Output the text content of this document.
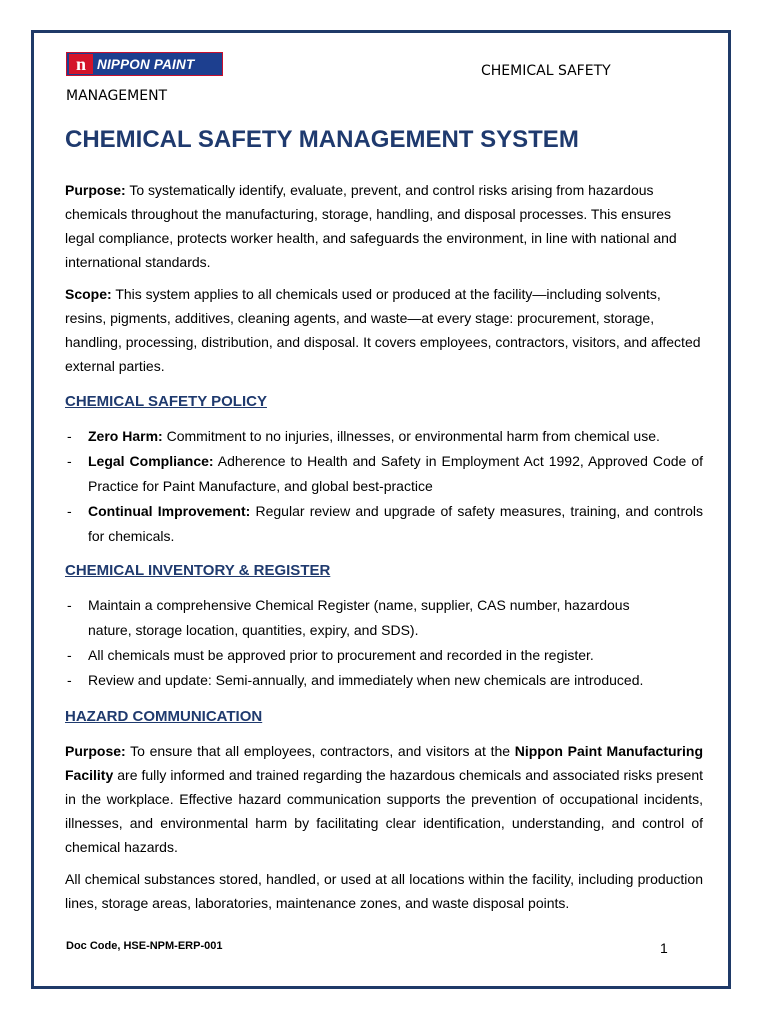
n NIPPON PAINT	CHEMICAL SAFETY
MANAGEMENT
CHEMICAL SAFETY MANAGEMENT SYSTEM

Purpose: To systematically identify, evaluate, prevent, and control risks arising from hazardous chemicals throughout the manufacturing, storage, handling, and disposal processes. This ensures legal compliance, protects worker health, and safeguards the environment, in line with national and international standards.

Scope: This system applies to all chemicals used or produced at the facility—including solvents, resins, pigments, additives, cleaning agents, and waste—at every stage: procurement, storage, handling, processing, distribution, and disposal. It covers employees, contractors, visitors, and affected external parties.

CHEMICAL SAFETY POLICY
- Zero Harm: Commitment to no injuries, illnesses, or environmental harm from chemical use.
- Legal Compliance: Adherence to Health and Safety in Employment Act 1992, Approved Code of Practice for Paint Manufacture, and global best-practice
- Continual Improvement: Regular review and upgrade of safety measures, training, and controls for chemicals.
CHEMICAL INVENTORY & REGISTER
- Maintain a comprehensive Chemical Register (name, supplier, CAS number, hazardous nature, storage location, quantities, expiry, and SDS).
- All chemicals must be approved prior to procurement and recorded in the register.
- Review and update: Semi-annually, and immediately when new chemicals are introduced.
HAZARD COMMUNICATION

Purpose: To ensure that all employees, contractors, and visitors at the Nippon Paint Manufacturing Facility are fully informed and trained regarding the hazardous chemicals and associated risks present in the workplace. Effective hazard communication supports the prevention of occupational incidents, illnesses, and environmental harm by facilitating clear identification, understanding, and control of chemical hazards.

All chemical substances stored, handled, or used at all locations within the facility, including production lines, storage areas, laboratories, maintenance zones, and waste disposal points.

Doc Code, HSE-NPM-ERP-001	1
